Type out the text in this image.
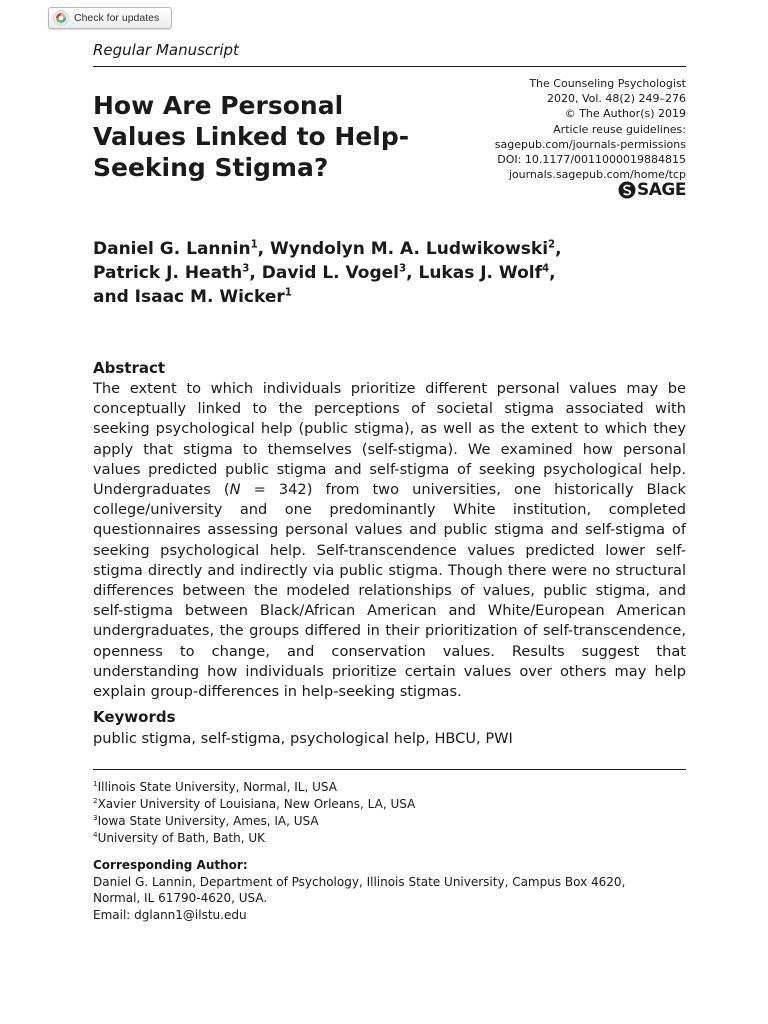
Check for updates
Regular Manuscript
How Are Personal
Values Linked to Help-
Seeking Stigma?
The Counseling Psychologist
2020, Vol. 48(2) 249–276
© The Author(s) 2019
Article reuse guidelines:
sagepub.com/journals-permissions
DOI: 10.1177/0011000019884815
journals.sagepub.com/home/tcp
SAGE
Daniel G. Lannin$^1$, Wyndolyn M. A. Ludwikowski$^2$,
Patrick J. Heath$^3$, David L. Vogel$^3$, Lukas J. Wolf$^4$,
and Isaac M. Wicker$^1$
Abstract

The extent to which individuals prioritize different personal values may be conceptually linked to the perceptions of societal stigma associated with seeking psychological help (public stigma), as well as the extent to which they apply that stigma to themselves (self-stigma). We examined how personal values predicted public stigma and self-stigma of seeking psychological help. Undergraduates (N = 342) from two universities, one historically Black college/university and one predominantly White institution, completed questionnaires assessing personal values and public stigma and self-stigma of seeking psychological help. Self-transcendence values predicted lower self-stigma directly and indirectly via public stigma. Though there were no structural differences between the modeled relationships of values, public stigma, and self-stigma between Black/African American and White/European American undergraduates, the groups differed in their prioritization of self-transcendence, openness to change, and conservation values. Results suggest that understanding how individuals prioritize certain values over others may help explain group-differences in help-seeking stigmas.

Keywords
public stigma, self-stigma, psychological help, HBCU, PWI
$^1$Illinois State University, Normal, IL, USA
$^2$Xavier University of Louisiana, New Orleans, LA, USA
$^3$Iowa State University, Ames, IA, USA
$^4$University of Bath, Bath, UK
Corresponding Author:
Daniel G. Lannin, Department of Psychology, Illinois State University, Campus Box 4620,
Normal, IL 61790-4620, USA.
Email: dglann1@ilstu.edu
